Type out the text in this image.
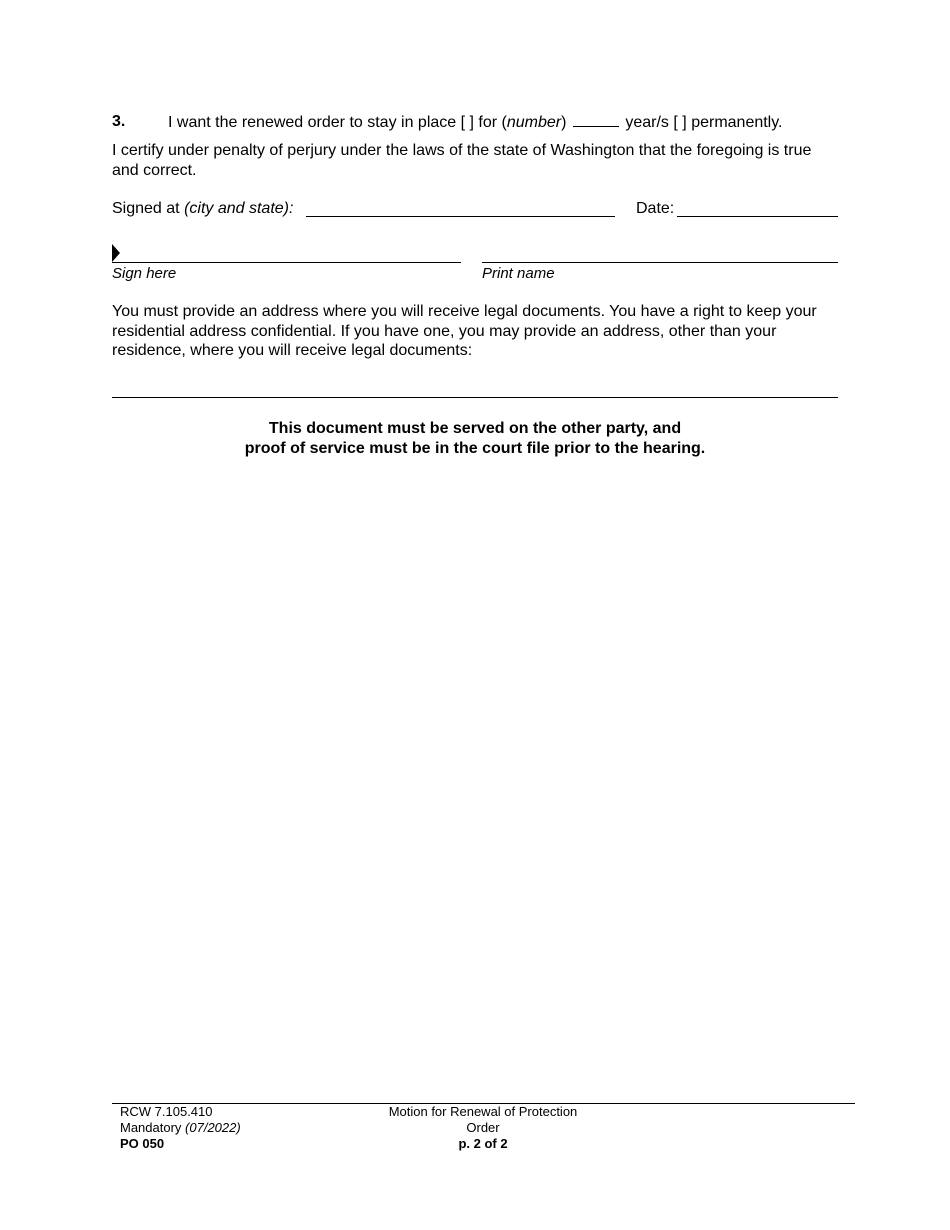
3.	I want the renewed order to stay in place [ ] for (number)	year/s [ ] permanently.
I certify under penalty of perjury under the laws of the state of Washington that the foregoing is true and correct.
Signed at (city and state):	Date:
Sign here	Print name
You must provide an address where you will receive legal documents. You have a right to keep your residential address confidential. If you have one, you may provide an address, other than your residence, where you will receive legal documents:
This document must be served on the other party, and
proof of service must be in the court file prior to the hearing.
RCW 7.105.410
Mandatory (07/2022)
PO 050
Motion for Renewal of Protection
Order
p. 2 of 2
